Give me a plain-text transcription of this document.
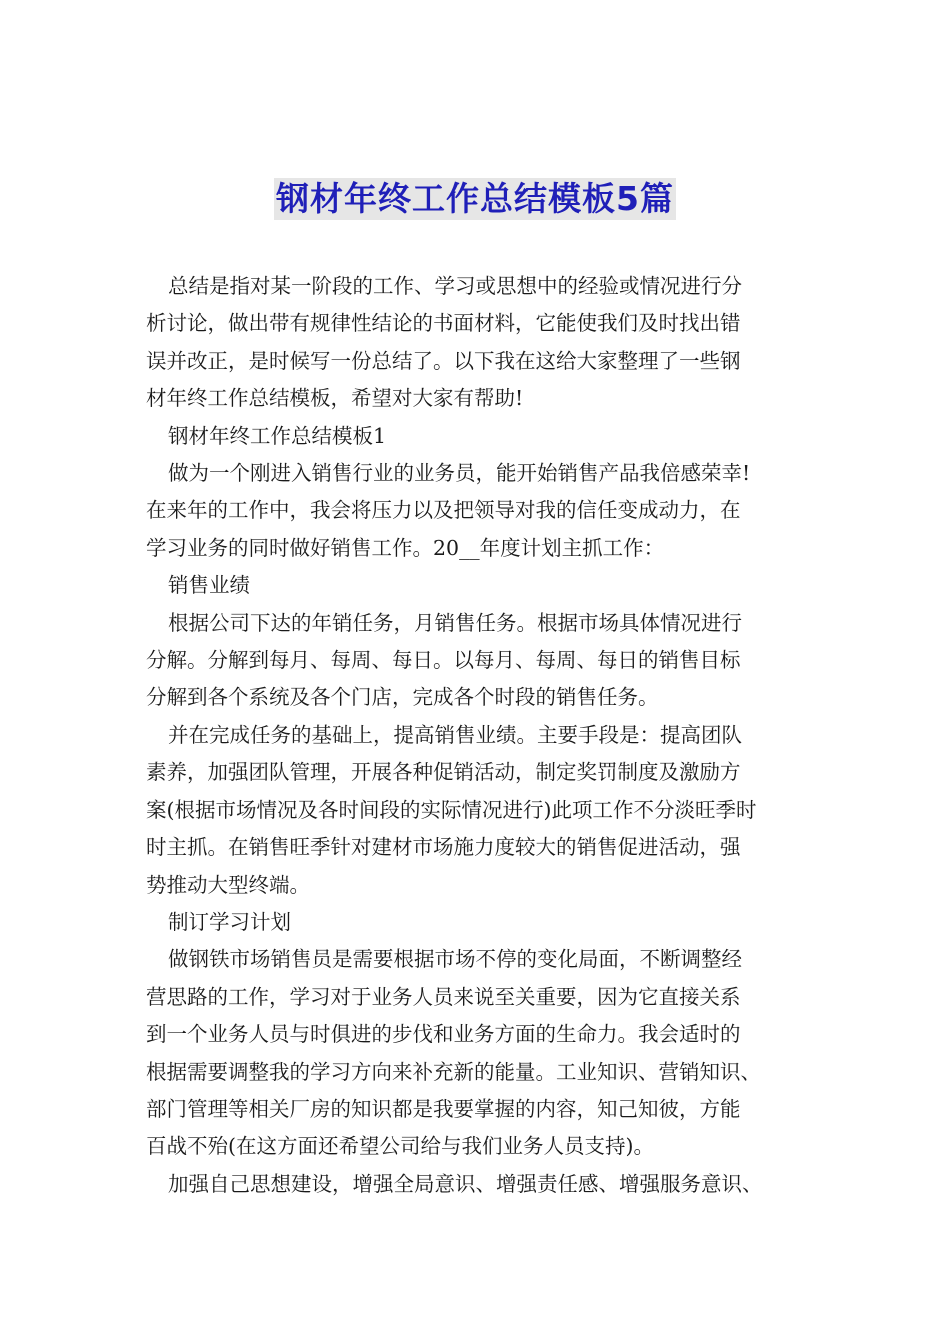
钢材年终工作总结模板5篇

总结是指对某一阶段的工作、学习或思想中的经验或情况进行分
析讨论，做出带有规律性结论的书面材料，它能使我们及时找出错
误并改正，是时候写一份总结了。以下我在这给大家整理了一些钢
材年终工作总结模板，希望对大家有帮助!

钢材年终工作总结模板1

做为一个刚进入销售行业的业务员，能开始销售产品我倍感荣幸!
在来年的工作中，我会将压力以及把领导对我的信任变成动力，在
学习业务的同时做好销售工作。20__年度计划主抓工作：

销售业绩

根据公司下达的年销任务，月销售任务。根据市场具体情况进行
分解。分解到每月、每周、每日。以每月、每周、每日的销售目标
分解到各个系统及各个门店，完成各个时段的销售任务。

并在完成任务的基础上，提高销售业绩。主要手段是：提高团队
素养，加强团队管理，开展各种促销活动，制定奖罚制度及激励方
案(根据市场情况及各时间段的实际情况进行)此项工作不分淡旺季时
时主抓。在销售旺季针对建材市场施力度较大的销售促进活动，强
势推动大型终端。

制订学习计划

做钢铁市场销售员是需要根据市场不停的变化局面，不断调整经
营思路的工作，学习对于业务人员来说至关重要，因为它直接关系
到一个业务人员与时俱进的步伐和业务方面的生命力。我会适时的
根据需要调整我的学习方向来补充新的能量。工业知识、营销知识、
部门管理等相关厂房的知识都是我要掌握的内容，知己知彼，方能
百战不殆(在这方面还希望公司给与我们业务人员支持)。

加强自己思想建设，增强全局意识、增强责任感、增强服务意识、
